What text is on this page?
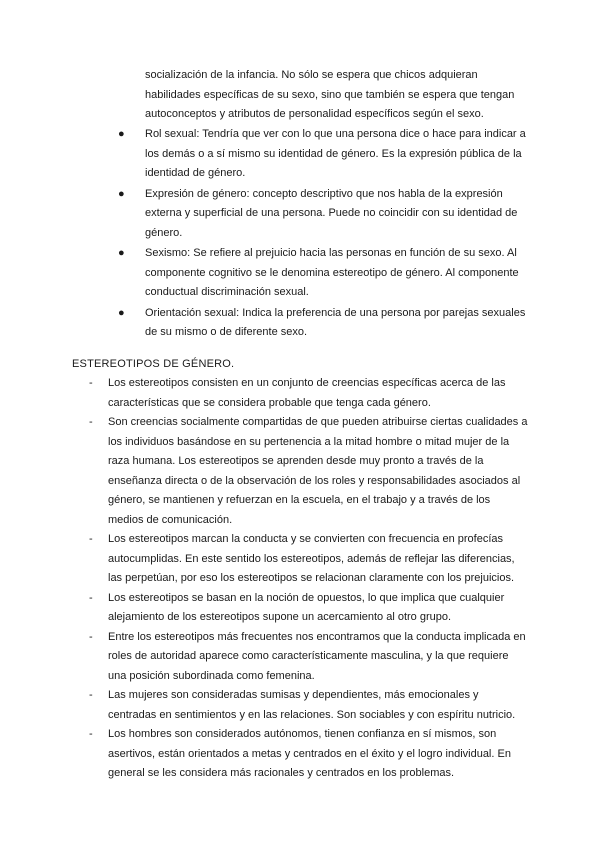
socialización de la infancia. No sólo se espera que chicos adquieran habilidades específicas de su sexo, sino que también se espera que tengan autoconceptos y atributos de personalidad específicos según el sexo.

● Rol sexual: Tendría que ver con lo que una persona dice o hace para indicar a los demás o a sí mismo su identidad de género. Es la expresión pública de la identidad de género.
● Expresión de género: concepto descriptivo que nos habla de la expresión externa y superficial de una persona. Puede no coincidir con su identidad de género.
● Sexismo: Se refiere al prejuicio hacia las personas en función de su sexo. Al componente cognitivo se le denomina estereotipo de género. Al componente conductual discriminación sexual.
● Orientación sexual: Indica la preferencia de una persona por parejas sexuales de su mismo o de diferente sexo.
ESTEREOTIPOS DE GÉNERO.
- Los estereotipos consisten en un conjunto de creencias específicas acerca de las características que se considera probable que tenga cada género.
- Son creencias socialmente compartidas de que pueden atribuirse ciertas cualidades a los individuos basándose en su pertenencia a la mitad hombre o mitad mujer de la raza humana. Los estereotipos se aprenden desde muy pronto a través de la enseñanza directa o de la observación de los roles y responsabilidades asociados al género, se mantienen y refuerzan en la escuela, en el trabajo y a través de los medios de comunicación.
- Los estereotipos marcan la conducta y se convierten con frecuencia en profecías autocumplidas. En este sentido los estereotipos, además de reflejar las diferencias, las perpetúan, por eso los estereotipos se relacionan claramente con los prejuicios.
- Los estereotipos se basan en la noción de opuestos, lo que implica que cualquier alejamiento de los estereotipos supone un acercamiento al otro grupo.
- Entre los estereotipos más frecuentes nos encontramos que la conducta implicada en roles de autoridad aparece como característicamente masculina, y la que requiere una posición subordinada como femenina.
- Las mujeres son consideradas sumisas y dependientes, más emocionales y centradas en sentimientos y en las relaciones. Son sociables y con espíritu nutricio.
- Los hombres son considerados autónomos, tienen confianza en sí mismos, son asertivos, están orientados a metas y centrados en el éxito y el logro individual. En general se les considera más racionales y centrados en los problemas.
